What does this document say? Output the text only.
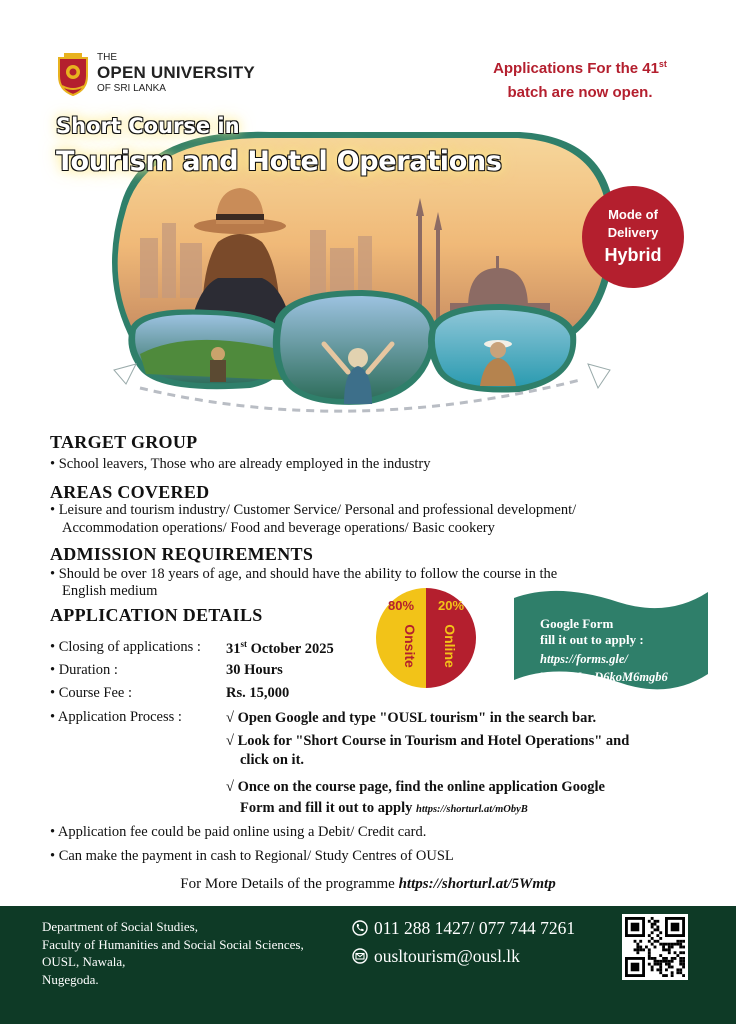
THE
OPEN UNIVERSITY
OF SRI LANKA
Applications For the 41st
batch are now open.
Short Course in
Tourism and Hotel Operations
Mode of
Delivery
Hybrid
TARGET GROUP
• School leavers, Those who are already employed in the industry
AREAS COVERED
• Leisure and tourism industry/ Customer Service/ Personal and professional development/
Accommodation operations/ Food and beverage operations/ Basic cookery
ADMISSION REQUIREMENTS
• Should be over 18 years of age, and should have the ability to follow the course in the
English medium
APPLICATION DETAILS
• Closing of applications : 31st October 2025
• Duration :	30 Hours
• Course Fee :	Rs. 15,000
• Application Process :	√ Open Google and type "OUSL tourism" in the search bar.
√ Look for "Short Course in Tourism and Hotel Operations" and
click on it.
√ Once on the course page, find the online application Google
Form and fill it out to apply https://shorturl.at/mObyB
• Application fee could be paid online using a Debit/ Credit card.
• Can make the payment in cash to Regional/ Study Centres of OUSL
80% 20%
Onsite Online
Google Form
fill it out to apply :
https://forms.gle/
VFUJUugD6koM6mgb6
For More Details of the programme https://shorturl.at/5Wmtp
Department of Social Studies,
Faculty of Humanities and Social Social Sciences,
OUSL, Nawala,
Nugegoda.
011 288 1427/ 077 744 7261
ousltourism@ousl.lk
